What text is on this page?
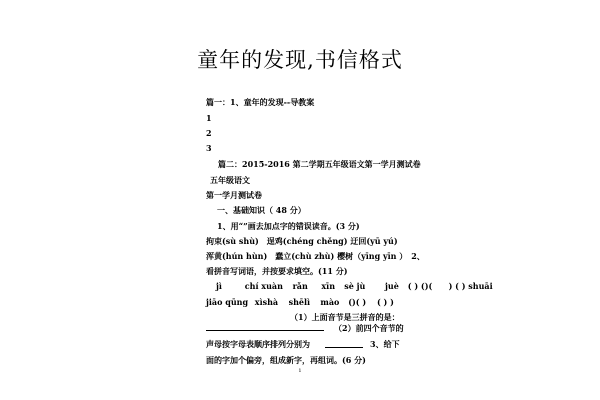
童年的发现,书信格式
篇一：1、童年的发现--导教案
1
2
3
篇二：2015-2016 第二学期五年级语文第一学月测试卷
五年级语文
第一学月测试卷
一、基础知识（ 48 分）
1、用“”画去加点字的错误读音。(3 分)
拘束(sù shù)　逞鸡(chéng chěng) 迂回(yū yú)
浑黄(hún hùn)　蠢立(chù zhù) 樱树（yīng yīn ）　2、
看拼音写词语，并按要求填空。(11 分)
jì	chí xuàn rǎn xīn sè jù juè ( ) ()( ) ( ) shuāi
jiāo qūng xìshà shēlì mào ()( ) ( ) )
（1）上面音节是三拼音的是：
（2）前四个音节的
声母按字母表顺序排列分别为	3、给下
面的字加个偏旁，组成新字，再组词。(6 分)
1
